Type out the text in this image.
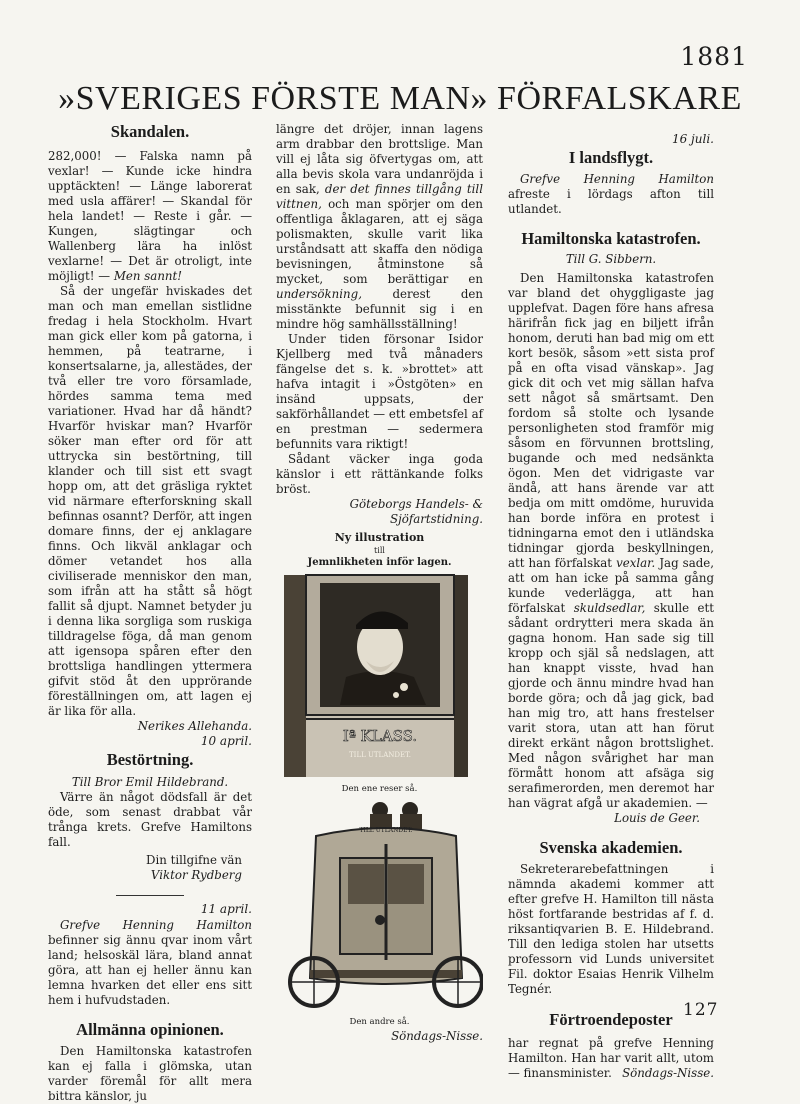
1881
»SVERIGES FÖRSTE MAN» FÖRFALSKARE
Skandalen.

282,000! — Falska namn på vexlar! — Kunde icke hindra upptäckten! — Länge laborerat med usla affärer! — Skandal för hela landet! — Reste i går. — Kungen, slägtingar och Wallenberg lära ha inlöst vexlarne! — Det är otroligt, inte möjligt! — Men sannt!

Så der ungefär hviskades det man och man emellan sistlidne fredag i hela Stockholm. Hvart man gick eller kom på gatorna, i hemmen, på teatrarne, i konsertsalarne, ja, allestädes, der två eller tre voro församlade, hördes samma tema med variationer. Hvad har då händt? Hvarför hviskar man? Hvarför söker man efter ord för att uttrycka sin bestörtning, till klander och till sist ett svagt hopp om, att det gräsliga ryktet vid närmare efterforskning skall befinnas osannt? Derför, att ingen domare finns, der ej anklagare finns. Och likväl anklagar och dömer vetandet hos alla civiliserade menniskor den man, som ifrån att ha stått så högt fallit så djupt. Namnet betyder ju i denna lika sorgliga som ruskiga tilldragelse föga, då man genom att igensopa spåren efter den brottsliga handlingen yttermera gifvit stöd åt den upprörande föreställningen om, att lagen ej är lika för alla.
Nerikes Allehanda.

10 april.
Bestörtning.
Till Bror Emil Hildebrand.

Värre än något dödsfall är det öde, som senast drabbat vår trånga krets. Grefve Hamiltons fall.

Din tillgifne vän
Viktor Rydberg
11 april.

Grefve Henning Hamilton befinner sig ännu qvar inom vårt land; helsoskäl lära, bland annat göra, att han ej heller ännu kan lemna hvarken det eller ens sitt hem i hufvudstaden.

Allmänna opinionen.

Den Hamiltonska katastrofen kan ej falla i glömska, utan varder föremål för allt mera bittra känslor, ju

längre det dröjer, innan lagens arm drabbar den brottslige. Man vill ej låta sig öfvertygas om, att alla bevis skola vara undanröjda i en sak, der det finnes tillgång till vittnen, och man spörjer om den offentliga åklagaren, att ej säga polismakten, skulle varit lika urståndsatt att skaffa den nödiga bevisningen, åtminstone så mycket, som berättigar en undersökning,	derest den misstänkte befunnit sig i en mindre hög samhällsställning!

Under tiden försonar Isidor Kjellberg med två månaders fängelse det s. k. »brottet» att hafva intagit i »Östgöten» en insänd uppsats, der sakförhållandet — ett embetsfel af en prestman — sedermera befunnits vara riktigt!

Sådant väcker inga goda känslor i ett rättänkande folks bröst.

Göteborgs Handels- & Sjöfartstidning.
Ny illustration
till
Jemnlikheten inför lagen.
Iª KLASS.
TILL UTLANDET.
Den ene reser så.
TILL UTLANDET.
Den andre så.
Söndags-Nisse.
16 juli.
I landsflygt.

Grefve Henning Hamilton afreste i lördags afton till utlandet.

Hamiltonska katastrofen.
Till G. Sibbern.

Den Hamiltonska katastrofen var bland det ohyggligaste jag upplefvat. Dagen före hans afresa härifrån fick jag en biljett ifrån honom, deruti han bad mig om ett kort besök, såsom »ett sista prof på en ofta visad vänskap». Jag gick dit och vet mig sällan hafva sett något så smärtsamt. Den fordom så stolte och lysande personligheten stod framför mig såsom en förvunnen brottsling, bugande och med nedsänkta ögon. Men det vidrigaste var ändå, att hans ärende var att bedja om mitt omdöme, huruvida han borde införa en protest i tidningarna emot den i utländska tidningar gjorda beskyllningen, att han förfalskat vexlar. Jag sade, att om han icke på samma gång kunde vederlägga, att han förfalskat skuldsedlar, skulle ett sådant ordrytteri mera skada än gagna honom. Han sade sig till kropp och själ så nedslagen, att han knappt visste, hvad han gjorde och ännu mindre hvad han borde göra; och då jag gick, bad han mig tro, att hans frestelser varit stora, utan att han förut direkt erkänt någon brottslighet. Med någon svårighet har man förmått honom att afsäga sig serafimerorden, men deremot har han vägrat afgå ur akademien. —

Louis de Geer.
Svenska akademien.

Sekreterarebefattningen i nämnda akademi kommer att efter grefve H. Hamilton till nästa höst fortfarande bestridas af f. d. riksantiqvarien B. E. Hildebrand. Till den lediga stolen har utsetts professorn vid Lunds universitet Fil. doktor Esaias Henrik Vilhelm Tegnér.

Förtroendeposter

har regnat på grefve Henning Hamilton. Han har varit allt, utom — finansminister. Söndags-Nisse.

127
